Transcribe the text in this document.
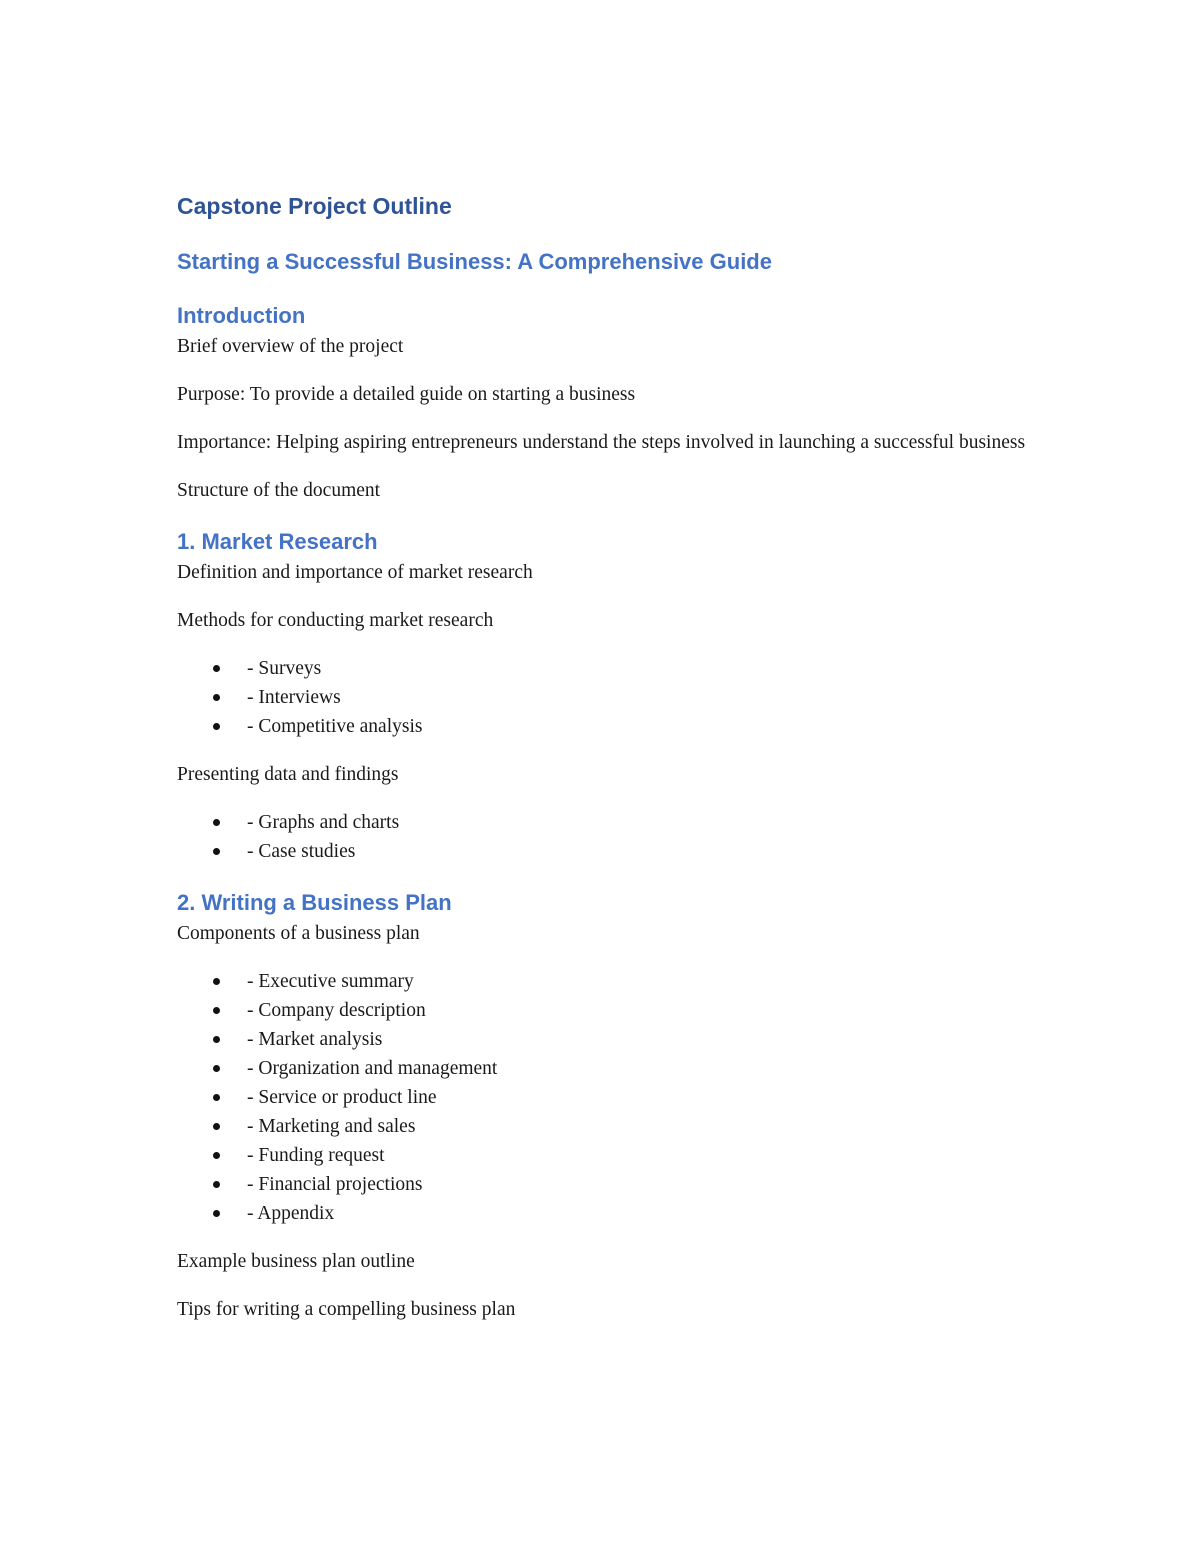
Capstone Project Outline
Starting a Successful Business: A Comprehensive Guide
Introduction

Brief overview of the project

Purpose: To provide a detailed guide on starting a business

Importance: Helping aspiring entrepreneurs understand the steps involved in launching a successful business

Structure of the document

1. Market Research

Definition and importance of market research

Methods for conducting market research

- Surveys
- Interviews
- Competitive analysis

Presenting data and findings

- Graphs and charts
- Case studies
2. Writing a Business Plan

Components of a business plan

- Executive summary
- Company description
- Market analysis
- Organization and management
- Service or product line
- Marketing and sales
- Funding request
- Financial projections
- Appendix

Example business plan outline

Tips for writing a compelling business plan
